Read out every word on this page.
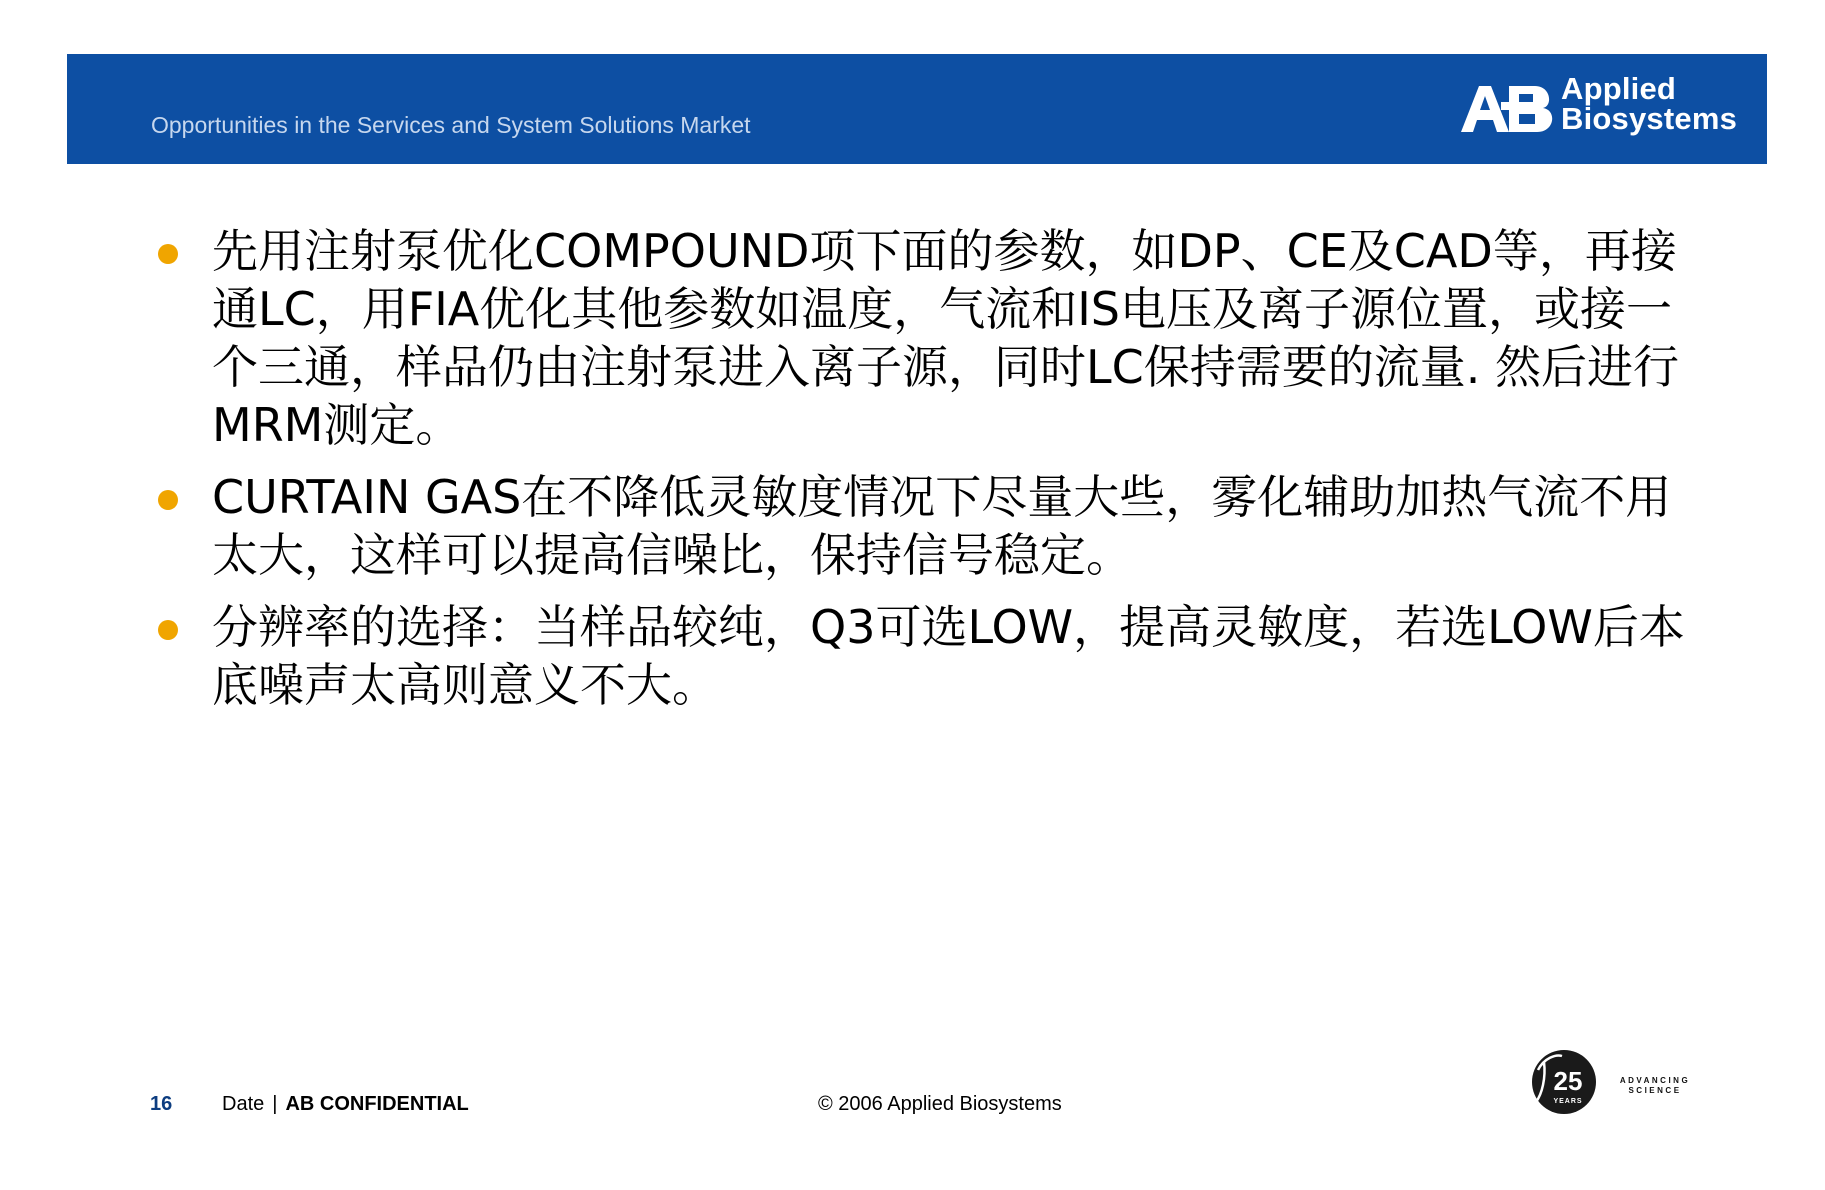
Opportunities in the Services and System Solutions Market
Applied
Biosystems
先用注射泵优化COMPOUND项下面的参数，如DP、CE及CAD等，再接通LC，用FIA优化其他参数如温度，气流和IS电压及离子源位置，或接一个三通，样品仍由注射泵进入离子源，同时LC保持需要的流量. 然后进行MRM测定。
CURTAIN GAS在不降低灵敏度情况下尽量大些，雾化辅助加热气流不用太大，这样可以提高信噪比，保持信号稳定。
分辨率的选择：当样品较纯，Q3可选LOW，提高灵敏度，若选LOW后本底噪声太高则意义不大。
16 Date | AB CONFIDENTIAL	© 2006 Applied Biosystems
25
YEARS
ADVANCING
SCIENCE
